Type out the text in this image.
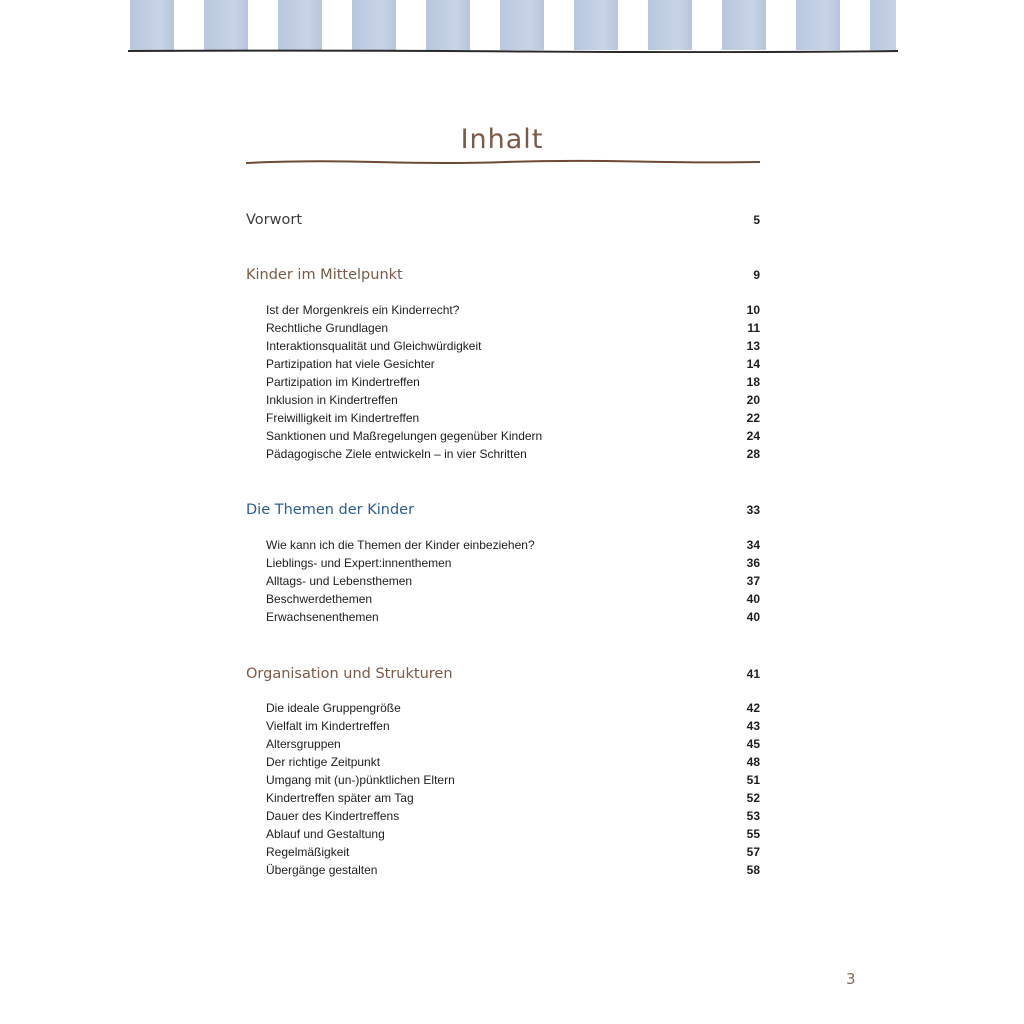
Inhalt
Vorwort	5
Kinder im Mittelpunkt	9
Ist der Morgenkreis ein Kinderrecht?	10
Rechtliche Grundlagen	11
Interaktionsqualität und Gleichwürdigkeit	13
Partizipation hat viele Gesichter	14
Partizipation im Kindertreffen	18
Inklusion in Kindertreffen	20
Freiwilligkeit im Kindertreffen	22
Sanktionen und Maßregelungen gegenüber Kindern	24
Pädagogische Ziele entwickeln – in vier Schritten	28
Die Themen der Kinder	33
Wie kann ich die Themen der Kinder einbeziehen?	34
Lieblings- und Expert:innenthemen	36
Alltags- und Lebensthemen	37
Beschwerdethemen	40
Erwachsenenthemen	40
Organisation und Strukturen	41
Die ideale Gruppengröße	42
Vielfalt im Kindertreffen	43
Altersgruppen	45
Der richtige Zeitpunkt	48
Umgang mit (un-)pünktlichen Eltern	51
Kindertreffen später am Tag	52
Dauer des Kindertreffens	53
Ablauf und Gestaltung	55
Regelmäßigkeit	57
Übergänge gestalten	58
3
